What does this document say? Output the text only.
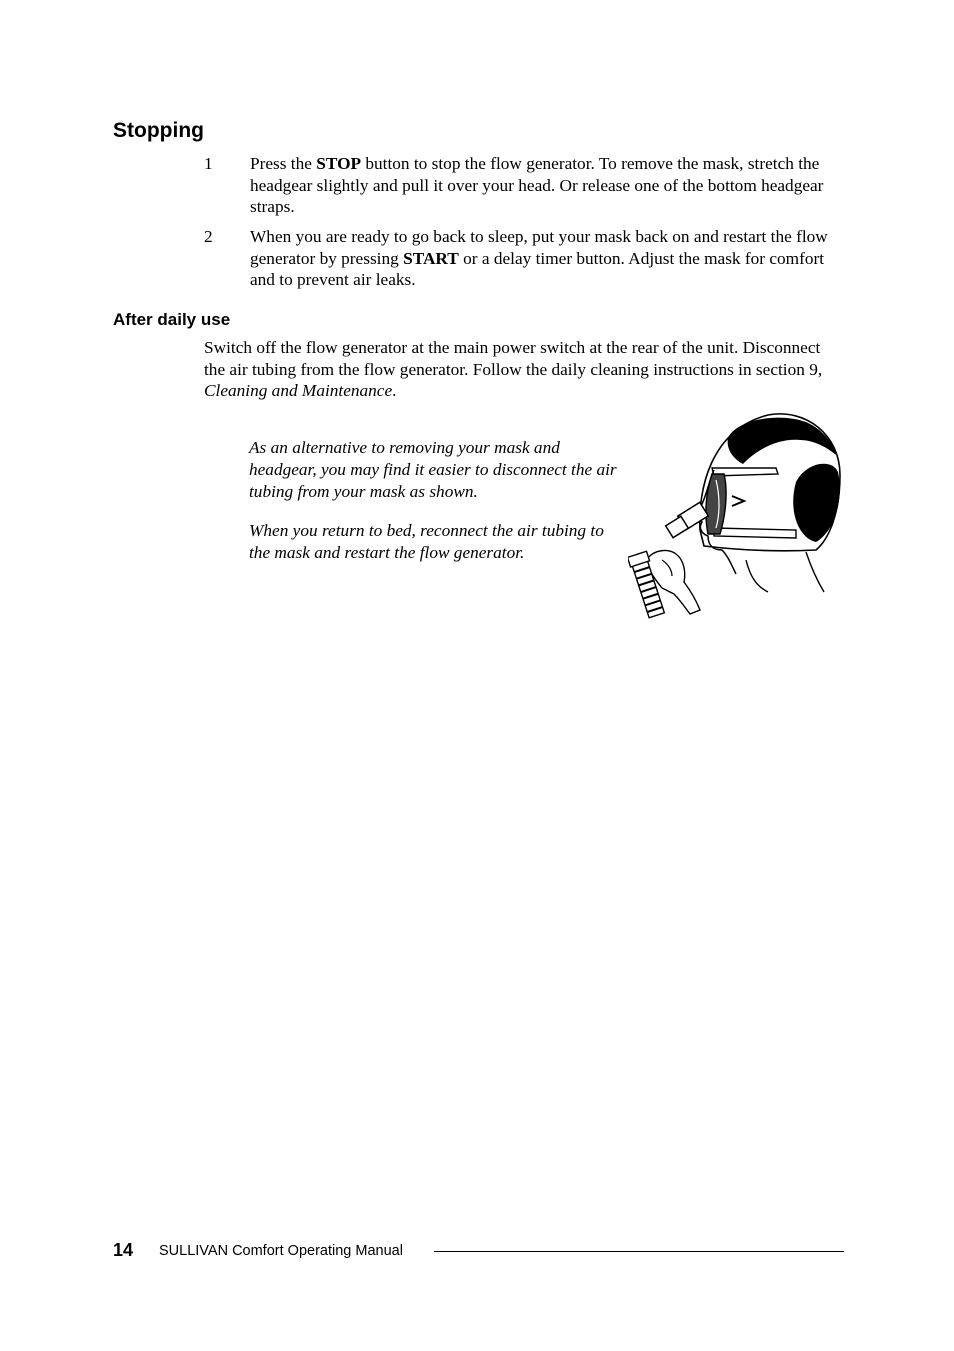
Stopping
1 Press the STOP button to stop the flow generator. To remove the mask, stretch the headgear slightly and pull it over your head. Or release one of the bottom headgear straps.
2 When you are ready to go back to sleep, put your mask back on and restart the flow generator by pressing START or a delay timer button. Adjust the mask for comfort and to prevent air leaks.
After daily use

Switch off the flow generator at the main power switch at the rear of the unit. Disconnect the air tubing from the flow generator. Follow the daily cleaning instructions in section 9, Cleaning and Maintenance.

As an alternative to removing your mask and headgear, you may find it easier to disconnect the air tubing from your mask as shown.

When you return to bed, reconnect the air tubing to the mask and restart the flow generator.

14 SULLIVAN Comfort Operating Manual
